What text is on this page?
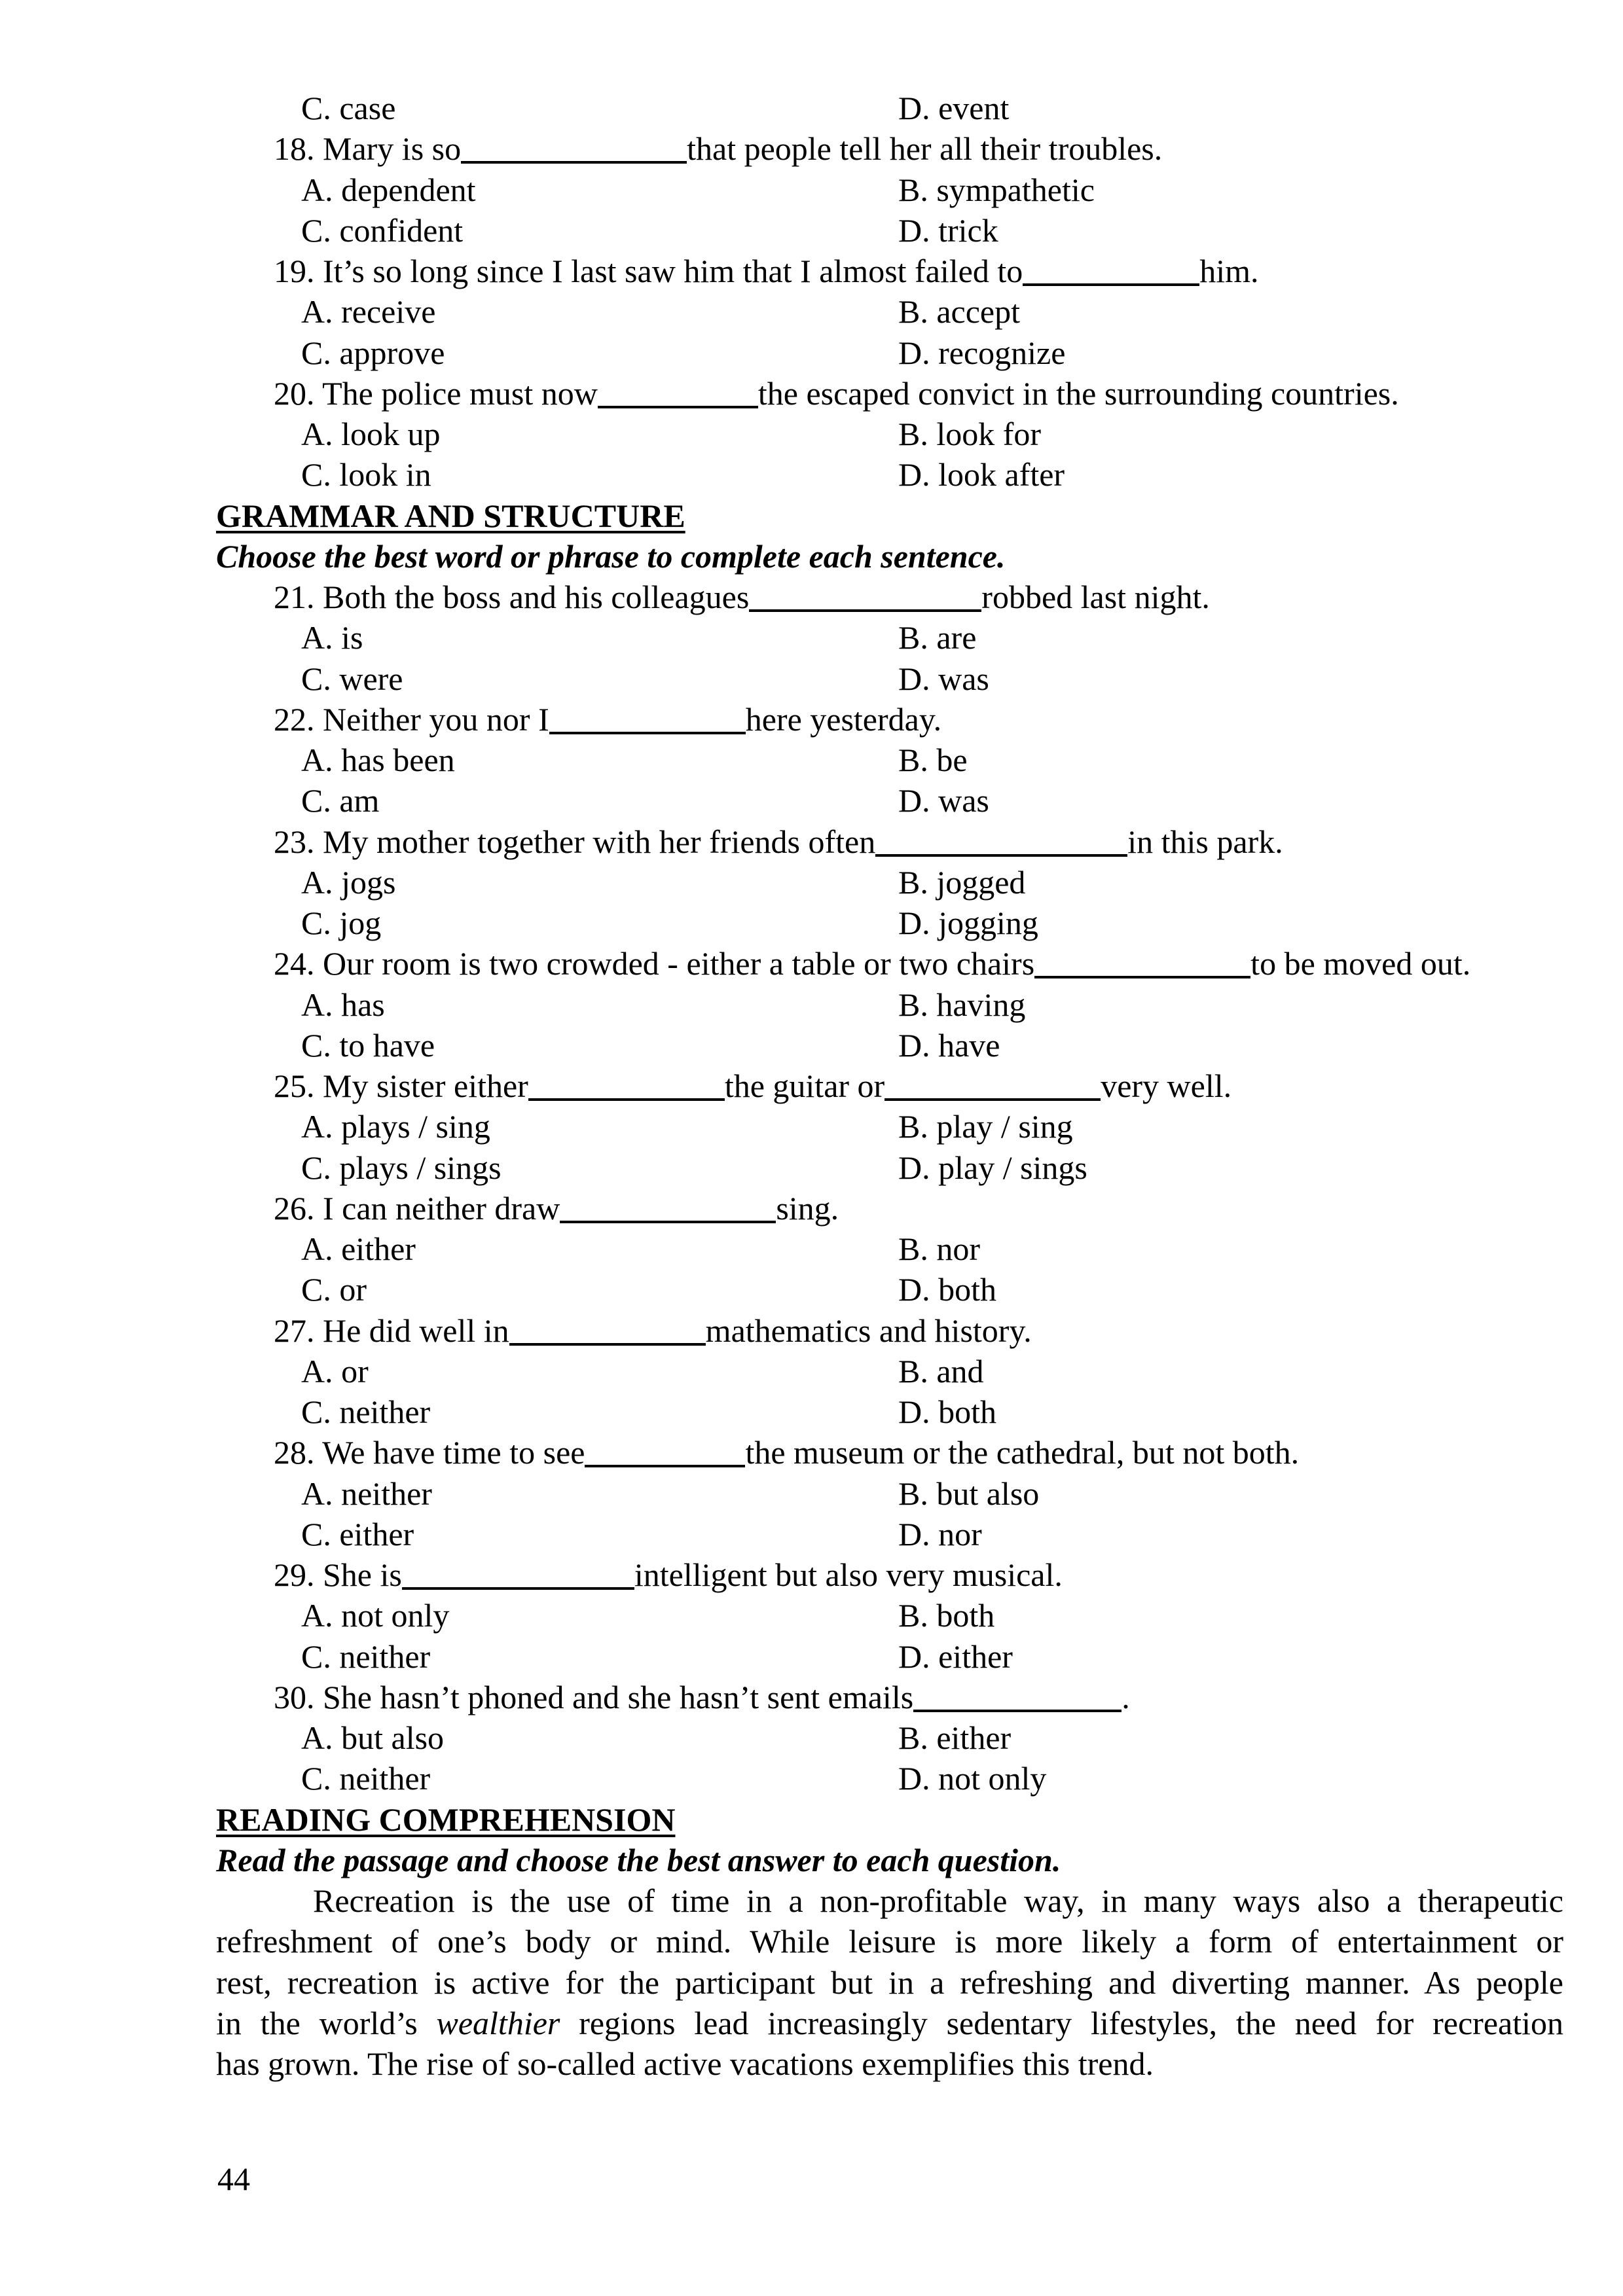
C. case	D. event
18. Mary is so	that people tell her all their troubles.
A. dependent	B. sympathetic
C. confident	D. trick
19. It’s so long since I last saw him that I almost failed to	him.
A. receive	B. accept
C. approve	D. recognize
20. The police must now	the escaped convict in the surrounding countries.
A. look up	B. look for
C. look in	D. look after
GRAMMAR AND STRUCTURE
Choose the best word or phrase to complete each sentence.
21. Both the boss and his colleagues	robbed last night.
A. is	B. are
C. were	D. was
22. Neither you nor I	here yesterday.
A. has been	B. be
C. am	D. was
23. My mother together with her friends often	in this park.
A. jogs	B. jogged
C. jog	D. jogging
24. Our room is two crowded - either a table or two chairs	to be moved out.
A. has	B. having
C. to have	D. have
25. My sister either	the guitar or	very well.
A. plays / sing	B. play / sing
C. plays / sings	D. play / sings
26. I can neither draw	sing.
A. either	B. nor
C. or	D. both
27. He did well in	mathematics and history.
A. or	B. and
C. neither	D. both
28. We have time to see	the museum or the cathedral, but not both.
A. neither	B. but also
C. either	D. nor
29. She is	intelligent but also very musical.
A. not only	B. both
C. neither	D. either
30. She hasn’t phoned and she hasn’t sent emails	.
A. but also	B. either
C. neither	D. not only
READING COMPREHENSION
Read the passage and choose the best answer to each question.
Recreation is the use of time in a non-profitable way, in many ways also a therapeutic
refreshment of one’s body or mind. While leisure is more likely a form of entertainment or
rest, recreation is active for the participant but in a refreshing and diverting manner. As people
in the world’s wealthier regions lead increasingly sedentary lifestyles, the need for recreation
has grown. The rise of so-called active vacations exemplifies this trend.
44
